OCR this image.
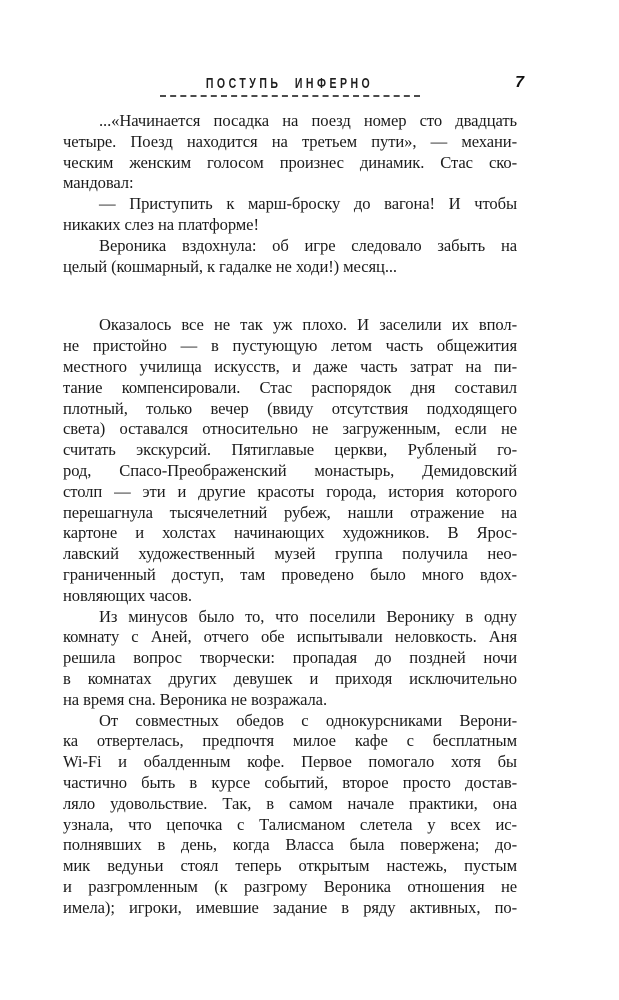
ПОСТУПЬ ИНФЕРНО	7
...«Начинается посадка на поезд номер сто двадцать
четыре. Поезд находится на третьем пути», — механи-
ческим женским голосом произнес динамик. Стас ско-
мандовал:
— Приступить к марш-броску до вагона! И чтобы
никаких слез на платформе!
Вероника вздохнула: об игре следовало забыть на
целый (кошмарный, к гадалке не ходи!) месяц...
Оказалось все не так уж плохо. И заселили их впол-
не пристойно — в пустующую летом часть общежития
местного училища искусств, и даже часть затрат на пи-
тание компенсировали. Стас распорядок дня составил
плотный, только вечер (ввиду отсутствия подходящего
света) оставался относительно не загруженным, если не
считать экскурсий. Пятиглавые церкви, Рубленый го-
род, Спасо-Преображенский монастырь, Демидовский
столп — эти и другие красоты города, история которого
перешагнула тысячелетний рубеж, нашли отражение на
картоне и холстах начинающих художников. В Ярос-
лавский художественный музей группа получила нео-
граниченный доступ, там проведено было много вдох-
новляющих часов.
Из минусов было то, что поселили Веронику в одну
комнату с Аней, отчего обе испытывали неловкость. Аня
решила вопрос творчески: пропадая до поздней ночи
в комнатах других девушек и приходя исключительно
на время сна. Вероника не возражала.
От совместных обедов с однокурсниками Верони-
ка отвертелась, предпочтя милое кафе с бесплатным
Wi-Fi и обалденным кофе. Первое помогало хотя бы
частично быть в курсе событий, второе просто достав-
ляло удовольствие. Так, в самом начале практики, она
узнала, что цепочка с Талисманом слетела у всех ис-
полнявших в день, когда Власса была повержена; до-
мик ведуньи стоял теперь открытым настежь, пустым
и разгромленным (к разгрому Вероника отношения не
имела); игроки, имевшие задание в ряду активных, по-
